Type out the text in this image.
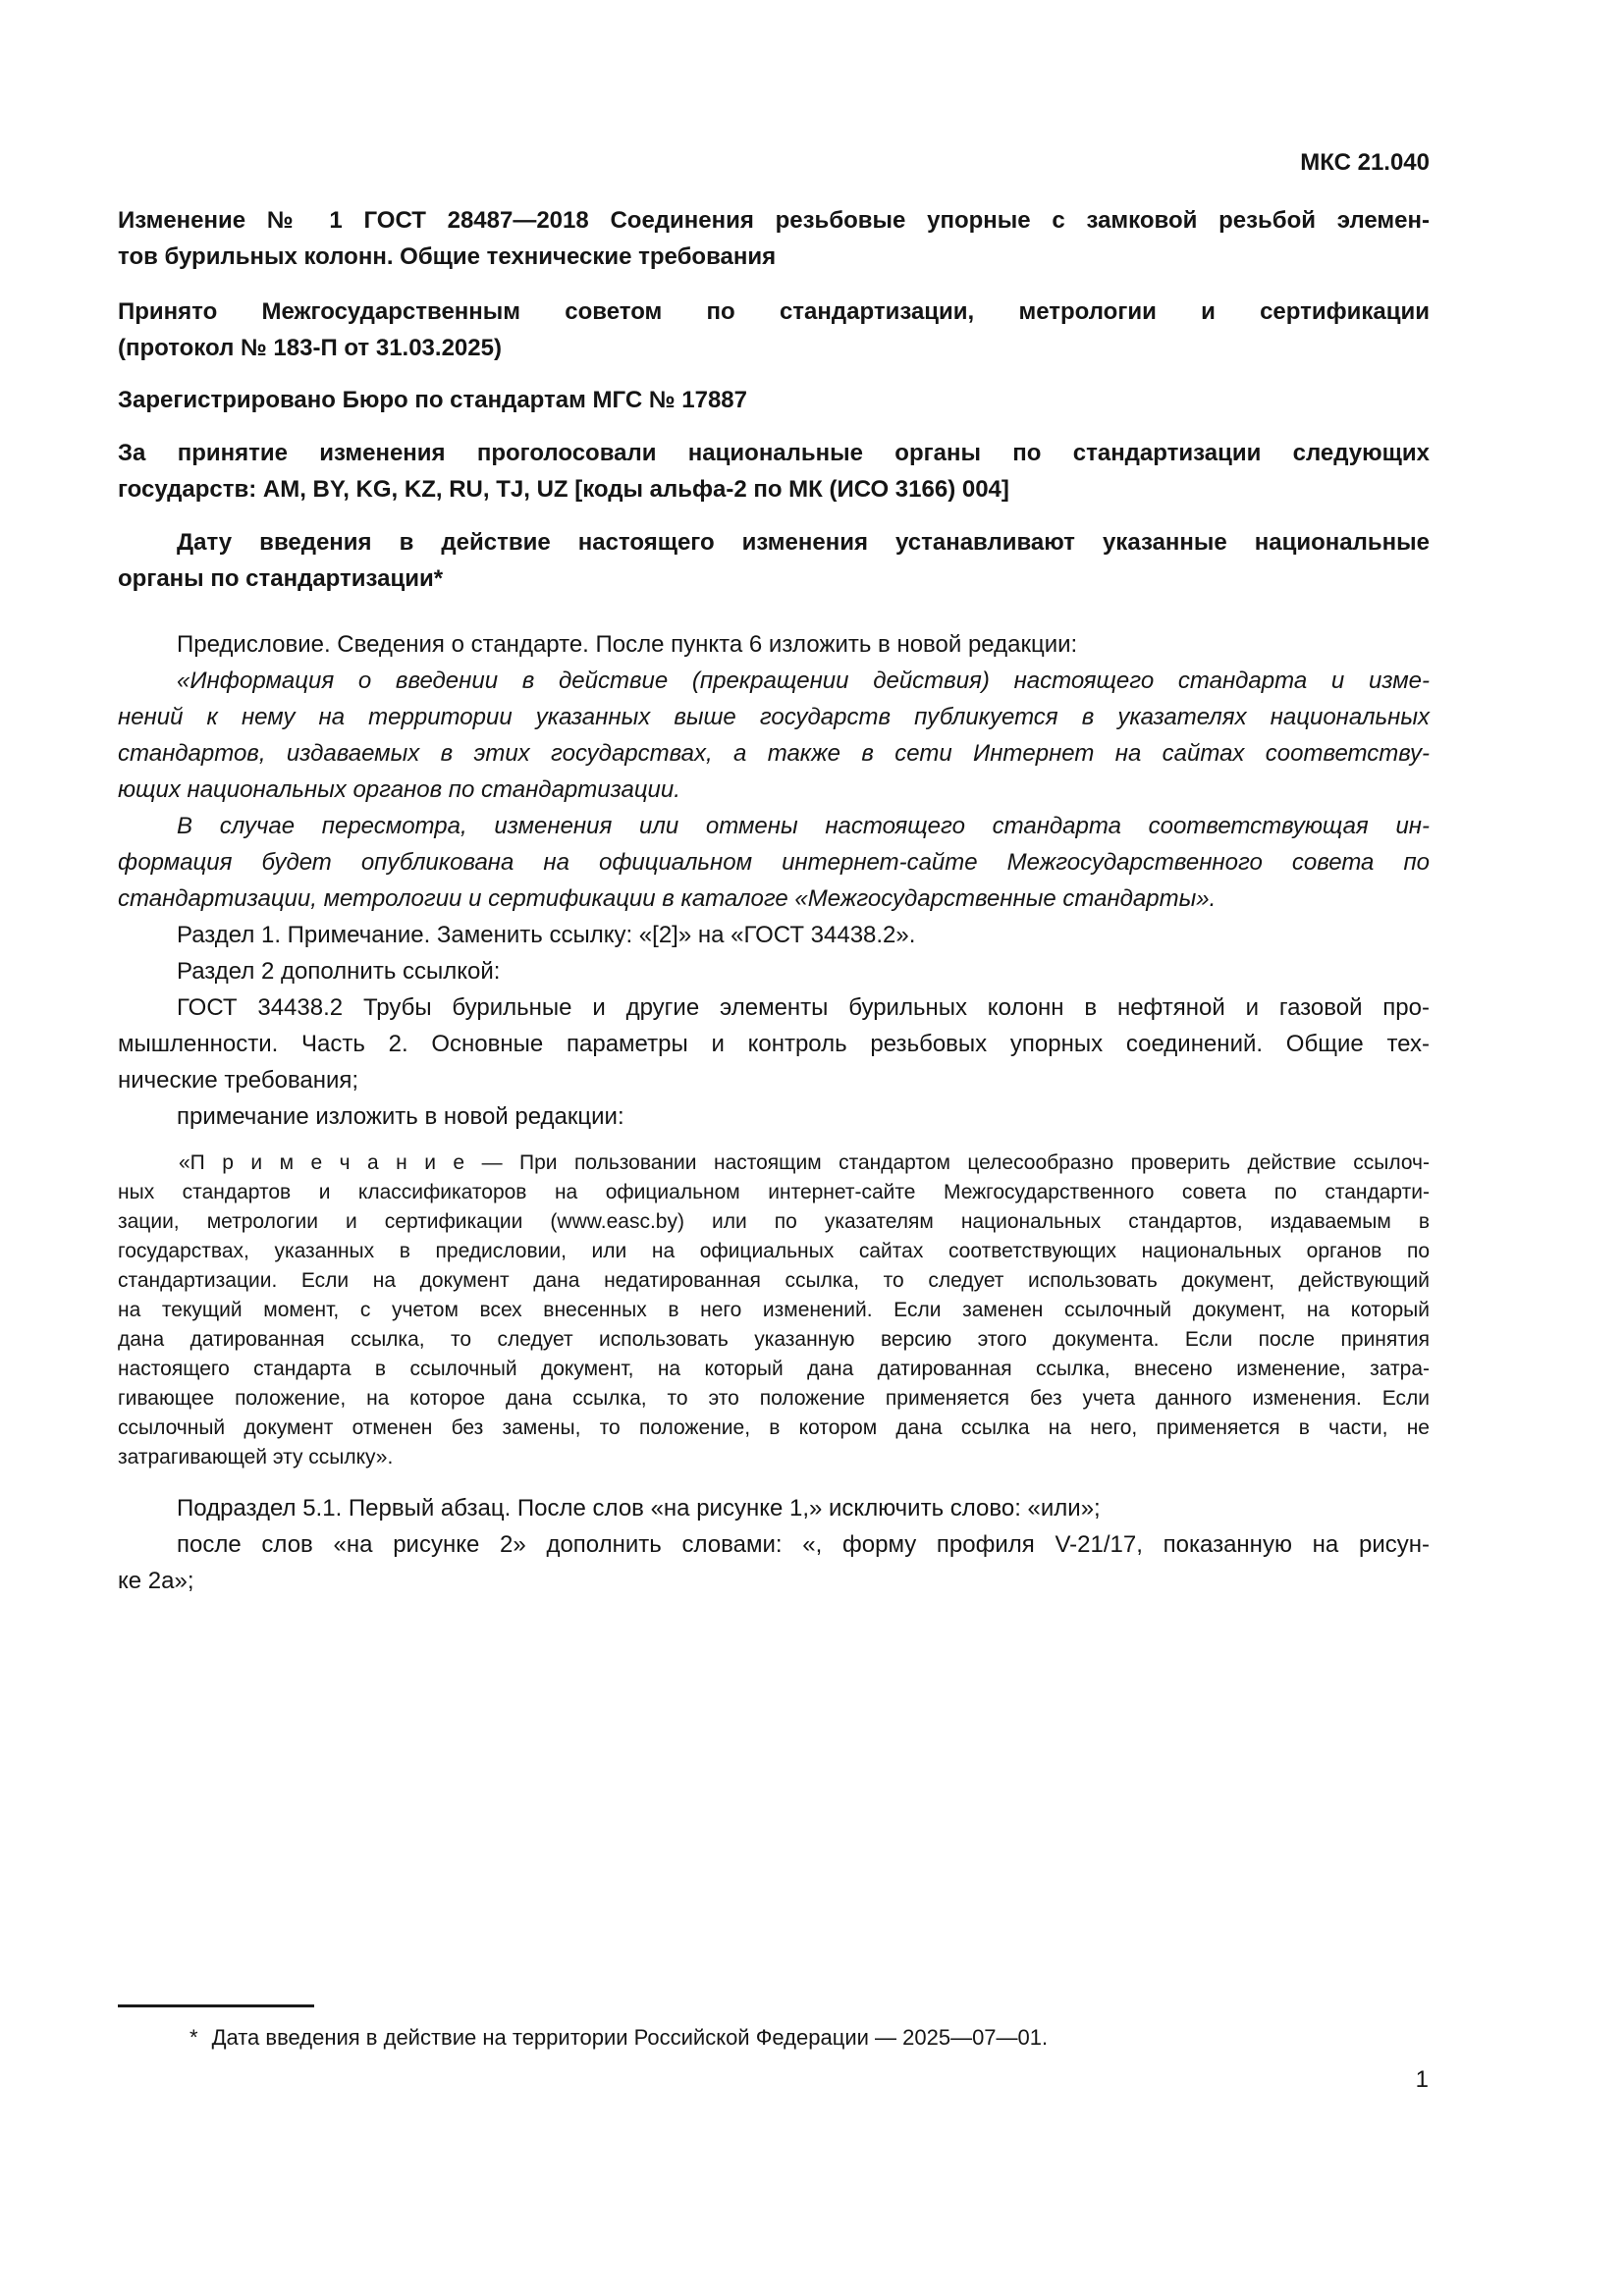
МКС 21.040
Изменение № 1 ГОСТ 28487—2018 Соединения резьбовые упорные с замковой резьбой элемен-
тов бурильных колонн. Общие технические требования
Принято Межгосударственным советом по стандартизации, метрологии и сертификации
(протокол № 183-П от 31.03.2025)
Зарегистрировано Бюро по стандартам МГС № 17887
За принятие изменения проголосовали национальные органы по стандартизации следующих
государств: AM, BY, KG, KZ, RU, TJ, UZ [коды альфа-2 по МК (ИСО 3166) 004]
Дату введения в действие настоящего изменения устанавливают указанные национальные
органы по стандартизации*
Предисловие. Сведения о стандарте. После пункта 6 изложить в новой редакции:
«Информация о введении в действие (прекращении действия) настоящего стандарта и изме-
нений к нему на территории указанных выше государств публикуется в указателях национальных
стандартов, издаваемых в этих государствах, а также в сети Интернет на сайтах соответству-
ющих национальных органов по стандартизации.
В случае пересмотра, изменения или отмены настоящего стандарта соответствующая ин-
формация будет опубликована на официальном интернет-сайте Межгосударственного совета по
стандартизации, метрологии и сертификации в каталоге «Межгосударственные стандарты».
Раздел 1. Примечание. Заменить ссылку: «[2]» на «ГОСТ 34438.2».
Раздел 2 дополнить ссылкой:
ГОСТ 34438.2 Трубы бурильные и другие элементы бурильных колонн в нефтяной и газовой про-
мышленности. Часть 2. Основные параметры и контроль резьбовых упорных соединений. Общие тех-
нические требования;
примечание изложить в новой редакции:
«П р и м е ч а н и е — При пользовании настоящим стандартом целесообразно проверить действие ссылоч-
ных стандартов и классификаторов на официальном интернет-сайте Межгосударственного совета по стандарти-
зации, метрологии и сертификации (www.easc.by) или по указателям национальных стандартов, издаваемым в
государствах, указанных в предисловии, или на официальных сайтах соответствующих национальных органов по
стандартизации. Если на документ дана недатированная ссылка, то следует использовать документ, действующий
на текущий момент, с учетом всех внесенных в него изменений. Если заменен ссылочный документ, на который
дана датированная ссылка, то следует использовать указанную версию этого документа. Если после принятия
настоящего стандарта в ссылочный документ, на который дана датированная ссылка, внесено изменение, затра-
гивающее положение, на которое дана ссылка, то это положение применяется без учета данного изменения. Если
ссылочный документ отменен без замены, то положение, в котором дана ссылка на него, применяется в части, не
затрагивающей эту ссылку».
Подраздел 5.1. Первый абзац. После слов «на рисунке 1,» исключить слово: «или»;
после слов «на рисунке 2» дополнить словами: «, форму профиля V-21/17, показанную на рисун-
ке 2а»;
* Дата введения в действие на территории Российской Федерации — 2025—07—01.
1
